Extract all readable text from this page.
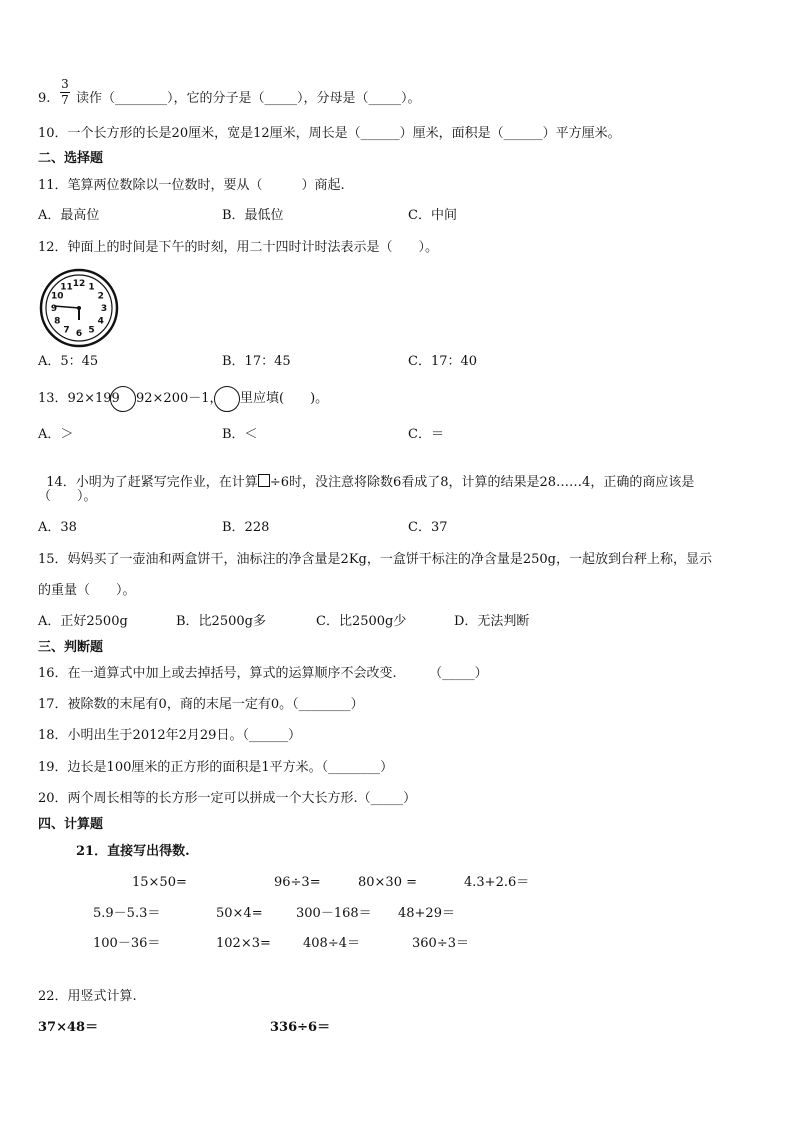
9.
3
7 读作（________），它的分子是（_____），分母是（_____）。
10．一个长方形的长是20厘米，宽是12厘米，周长是（______）厘米，面积是（______）平方厘米。
二、选择题
11．笔算两位数除以一位数时，要从（　　　）商起.
A．最高位	B．最低位	C．中间
12．钟面上的时间是下午的时刻，用二十四时计时法表示是（　　）。
12 1
2
3
4
5
6
7
8
9
10
11
A．5：45	B．17：45	C．17：40
13．92×199 92×200－1， 里应填(　　)。
A．＞	B．＜	C．＝

14．小明为了赶紧写完作业，在计算 ÷6时，没注意将除数6看成了8，计算的结果是28……4，正确的商应该是

（　　）。
A．38	B．228	C．37
15．妈妈买了一壶油和两盒饼干，油标注的净含量是2Kg，一盒饼干标注的净含量是250g，一起放到台秤上称，显示
的重量（　　）。
A．正好2500g	B．比2500g多	C．比2500g少	D．无法判断
三、判断题
16．在一道算式中加上或去掉括号，算式的运算顺序不会改变.　　　（_____）
17．被除数的末尾有0，商的末尾一定有0。（________）
18．小明出生于2012年2月29日。（______）
19．边长是100厘米的正方形的面积是1平方米。（________）
20．两个周长相等的长方形一定可以拼成一个大长方形.（_____）
四、计算题
21．直接写出得数.
15×50=	96÷3=	80×30 =	4.3+2.6＝
5.9－5.3＝	50×4=	300－168＝ 48+29＝
100－36＝	102×3= 408÷4＝	360÷3＝
22．用竖式计算.
37×48＝	336÷6＝
